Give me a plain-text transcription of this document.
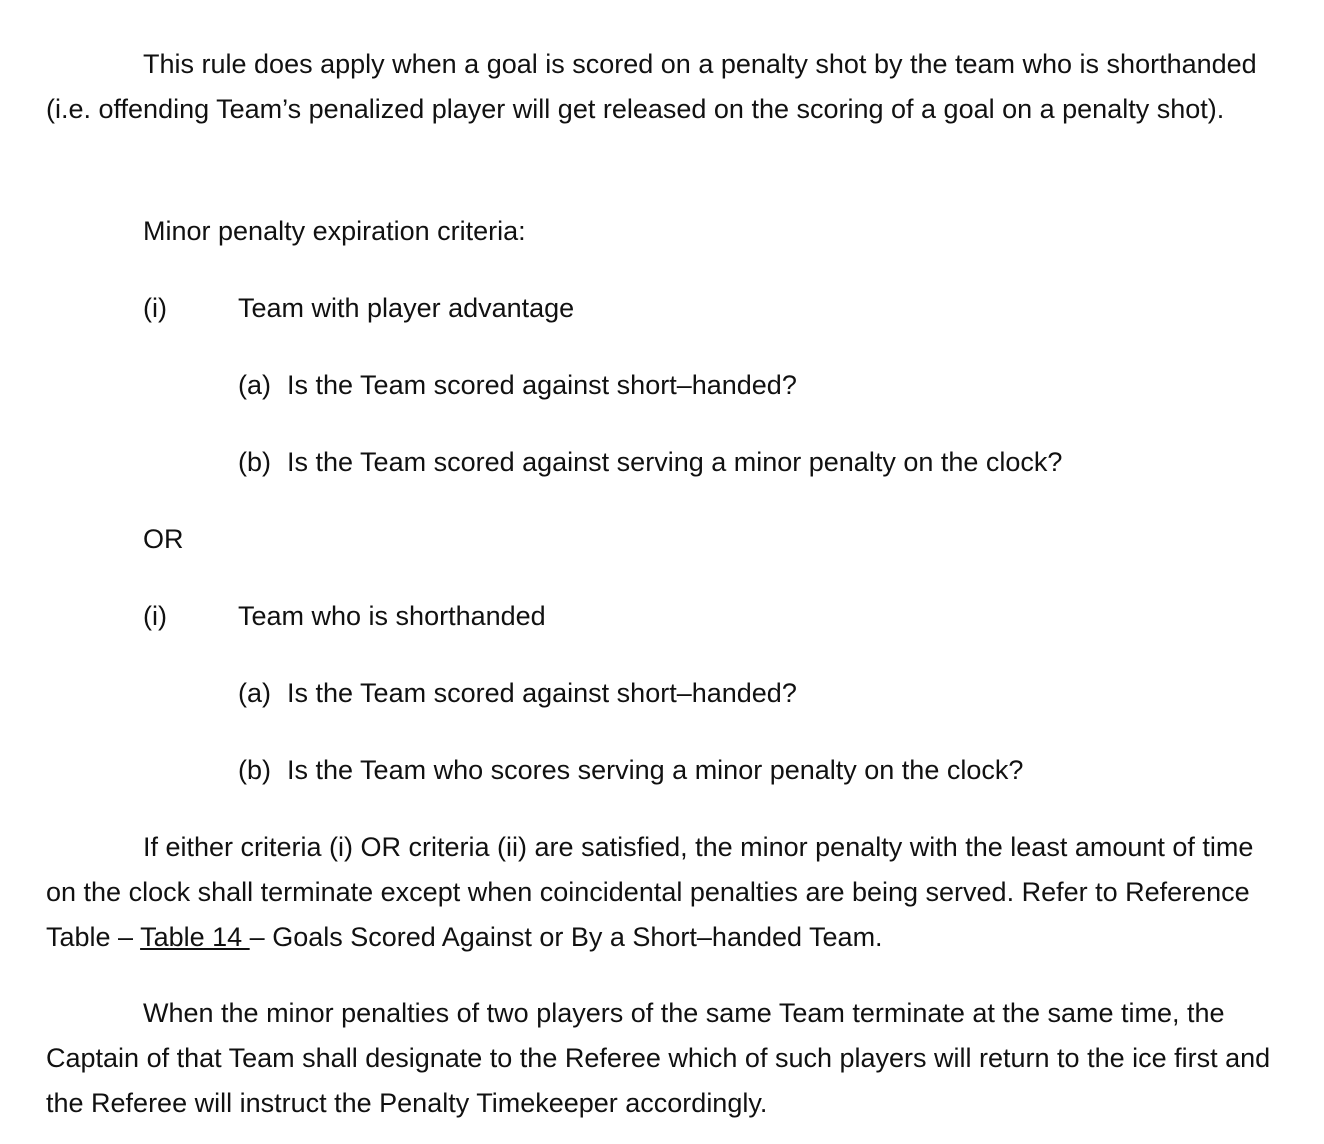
This rule does apply when a goal is scored on a penalty shot by the team who is shorthanded (i.e. offending Team’s penalized player will get released on the scoring of a goal on a penalty shot).

Minor penalty expiration criteria:

(i)	Team with player advantage
(a) Is the Team scored against short–handed?
(b) Is the Team scored against serving a minor penalty on the clock?
OR
(i)	Team who is shorthanded
(a) Is the Team scored against short–handed?
(b) Is the Team who scores serving a minor penalty on the clock?

If either criteria (i) OR criteria (ii) are satisfied, the minor penalty with the least amount of time on the clock shall terminate except when coincidental penalties are being served. Refer to Reference Table – Table 14 – Goals Scored Against or By a Short–handed Team.

When the minor penalties of two players of the same Team terminate at the same time, the Captain of that Team shall designate to the Referee which of such players will return to the ice first and the Referee will instruct the Penalty Timekeeper accordingly.
